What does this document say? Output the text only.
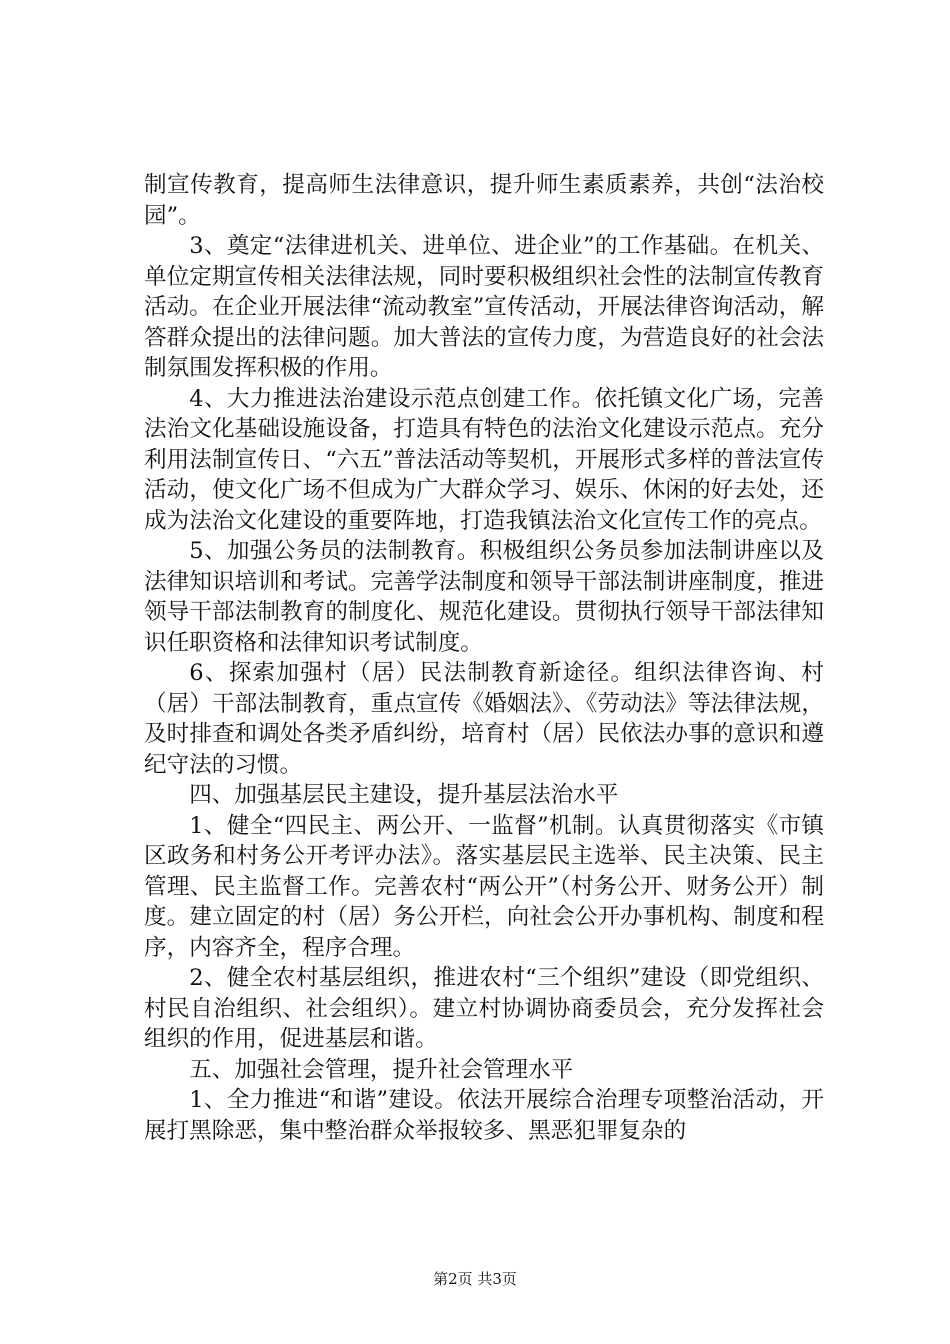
制宣传教育，提高师生法律意识，提升师生素质素养，共创“法治校园”。

3、奠定“法律进机关、进单位、进企业”的工作基础。在机关、单位定期宣传相关法律法规，同时要积极组织社会性的法制宣传教育活动。在企业开展法律“流动教室”宣传活动，开展法律咨询活动，解答群众提出的法律问题。加大普法的宣传力度，为营造良好的社会法制氛围发挥积极的作用。

4、大力推进法治建设示范点创建工作。依托镇文化广场，完善法治文化基础设施设备，打造具有特色的法治文化建设示范点。充分利用法制宣传日、“六五”普法活动等契机，开展形式多样的普法宣传活动，使文化广场不但成为广大群众学习、娱乐、休闲的好去处，还成为法治文化建设的重要阵地，打造我镇法治文化宣传工作的亮点。

5、加强公务员的法制教育。积极组织公务员参加法制讲座以及法律知识培训和考试。完善学法制度和领导干部法制讲座制度，推进领导干部法制教育的制度化、规范化建设。贯彻执行领导干部法律知识任职资格和法律知识考试制度。

6、探索加强村（居）民法制教育新途径。组织法律咨询、村（居）干部法制教育，重点宣传《婚姻法》、《劳动法》等法律法规，及时排查和调处各类矛盾纠纷，培育村（居）民依法办事的意识和遵纪守法的习惯。

四、加强基层民主建设，提升基层法治水平

1、健全“四民主、两公开、一监督”机制。认真贯彻落实《市镇区政务和村务公开考评办法》。落实基层民主选举、民主决策、民主管理、民主监督工作。完善农村“两公开”（村务公开、财务公开）制度。建立固定的村（居）务公开栏，向社会公开办事机构、制度和程序，内容齐全，程序合理。

2、健全农村基层组织，推进农村“三个组织”建设（即党组织、村民自治组织、社会组织）。建立村协调协商委员会，充分发挥社会组织的作用，促进基层和谐。

五、加强社会管理，提升社会管理水平

1、全力推进“和谐”建设。依法开展综合治理专项整治活动，开展打黑除恶，集中整治群众举报较多、黑恶犯罪复杂的

第2页 共3页
